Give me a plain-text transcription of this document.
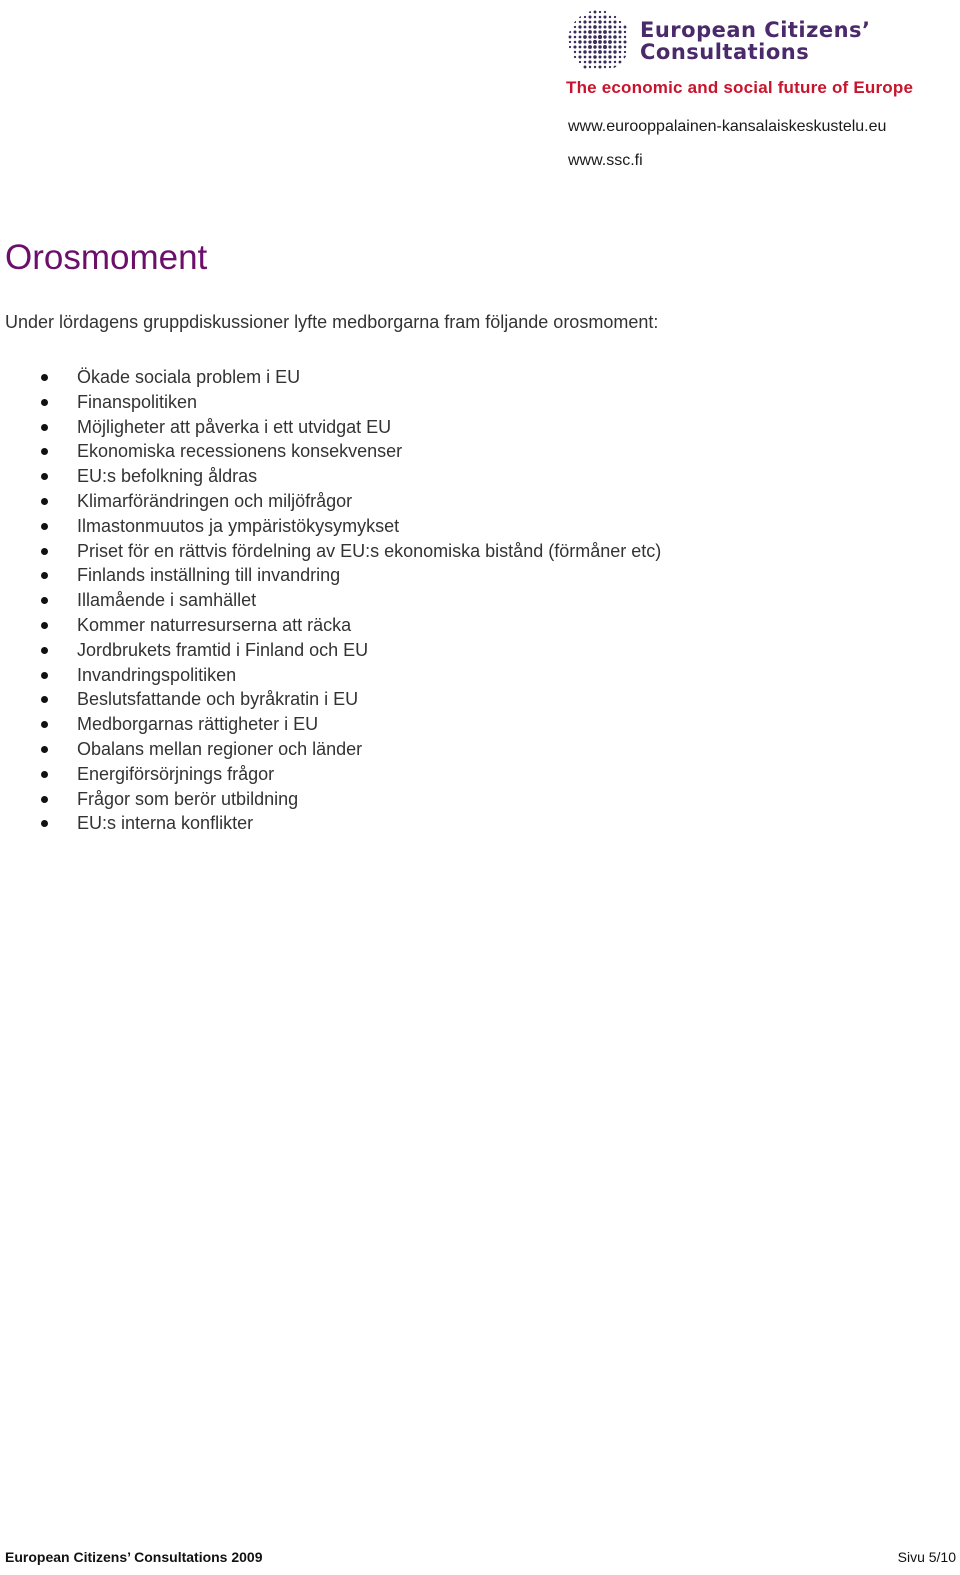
European Citizens’
Consultations
The economic and social future of Europe
www.eurooppalainen-kansalaiskeskustelu.eu
www.ssc.fi
Orosmoment
Under lördagens gruppdiskussioner lyfte medborgarna fram följande orosmoment:
Ökade sociala problem i EU
Finanspolitiken
Möjligheter att påverka i ett utvidgat EU
Ekonomiska recessionens konsekvenser
EU:s befolkning åldras
Klimarförändringen och miljöfrågor
Ilmastonmuutos ja ympäristökysymykset
Priset för en rättvis fördelning av EU:s ekonomiska bistånd (förmåner etc)
Finlands inställning till invandring
Illamående i samhället
Kommer naturresurserna att räcka
Jordbrukets framtid i Finland och EU
Invandringspolitiken
Beslutsfattande och byråkratin i EU
Medborgarnas rättigheter i EU
Obalans mellan regioner och länder
Energiförsörjnings frågor
Frågor som berör utbildning
EU:s interna konflikter
European Citizens’ Consultations 2009	Sivu 5/10
